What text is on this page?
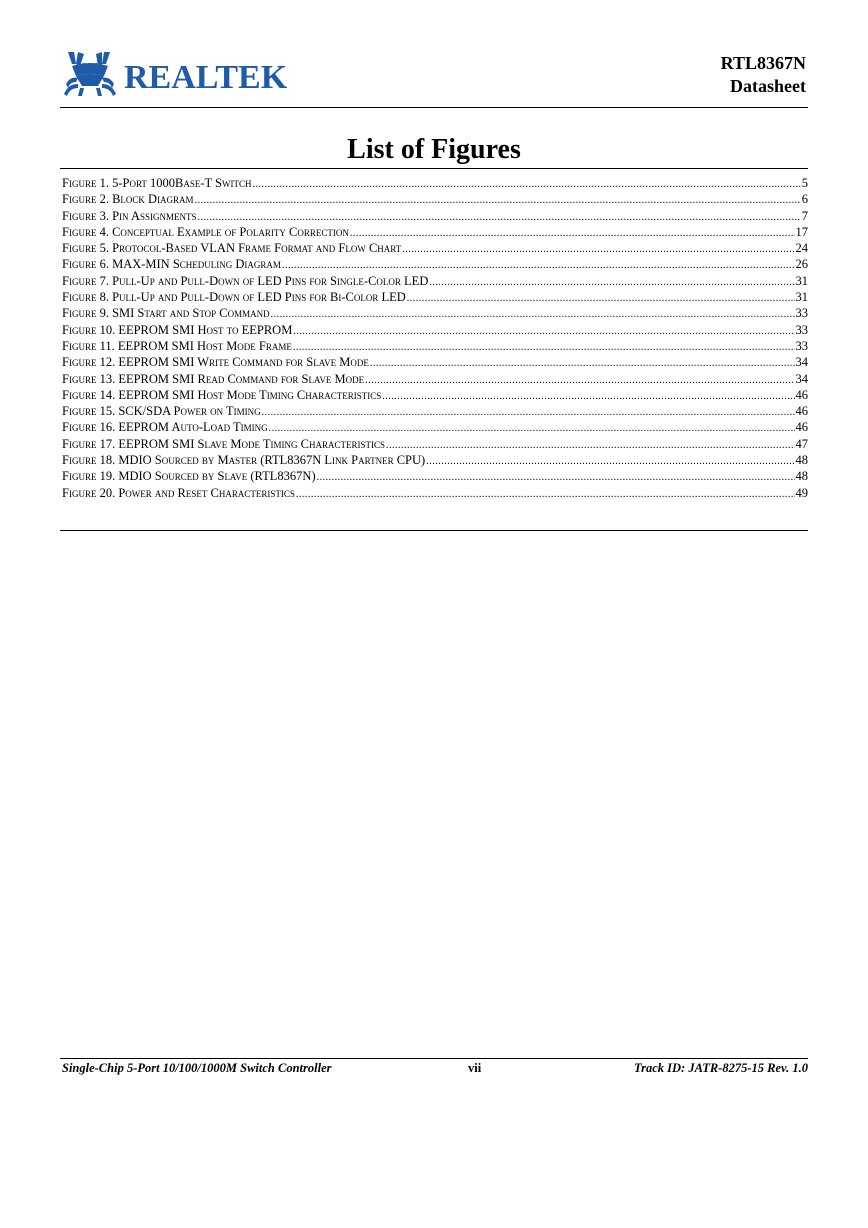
REALTEK	RTL8367N
Datasheet
List of Figures
Figure 1. 5-Port 1000Base-T Switch .....	5
Figure 2. Block Diagram .....	6
Figure 3. Pin Assignments .....	7
Figure 4. Conceptual Example of Polarity Correction .....	17
Figure 5. Protocol-Based VLAN Frame Format and Flow Chart .....	24
Figure 6. MAX-MIN Scheduling Diagram .....	26
Figure 7. Pull-Up and Pull-Down of LED Pins for Single-Color LED .....	31
Figure 8. Pull-Up and Pull-Down of LED Pins for Bi-Color LED .....	31
Figure 9. SMI Start and Stop Command .....	33
Figure 10. EEPROM SMI Host to EEPROM .....	33
Figure 11. EEPROM SMI Host Mode Frame .....	33
Figure 12. EEPROM SMI Write Command for Slave Mode .....	34
Figure 13. EEPROM SMI Read Command for Slave Mode .....	34
Figure 14. EEPROM SMI Host Mode Timing Characteristics .....	46
Figure 15. SCK/SDA Power on Timing .....	46
Figure 16. EEPROM Auto-Load Timing .....	46
Figure 17. EEPROM SMI Slave Mode Timing Characteristics .....	47
Figure 18. MDIO Sourced by Master (RTL8367N Link Partner CPU) .....	48
Figure 19. MDIO Sourced by Slave (RTL8367N) .....	48
Figure 20. Power and Reset Characteristics .....	49
Single-Chip 5-Port 10/100/1000M Switch Controller	vii	Track ID: JATR-8275-15 Rev. 1.0
